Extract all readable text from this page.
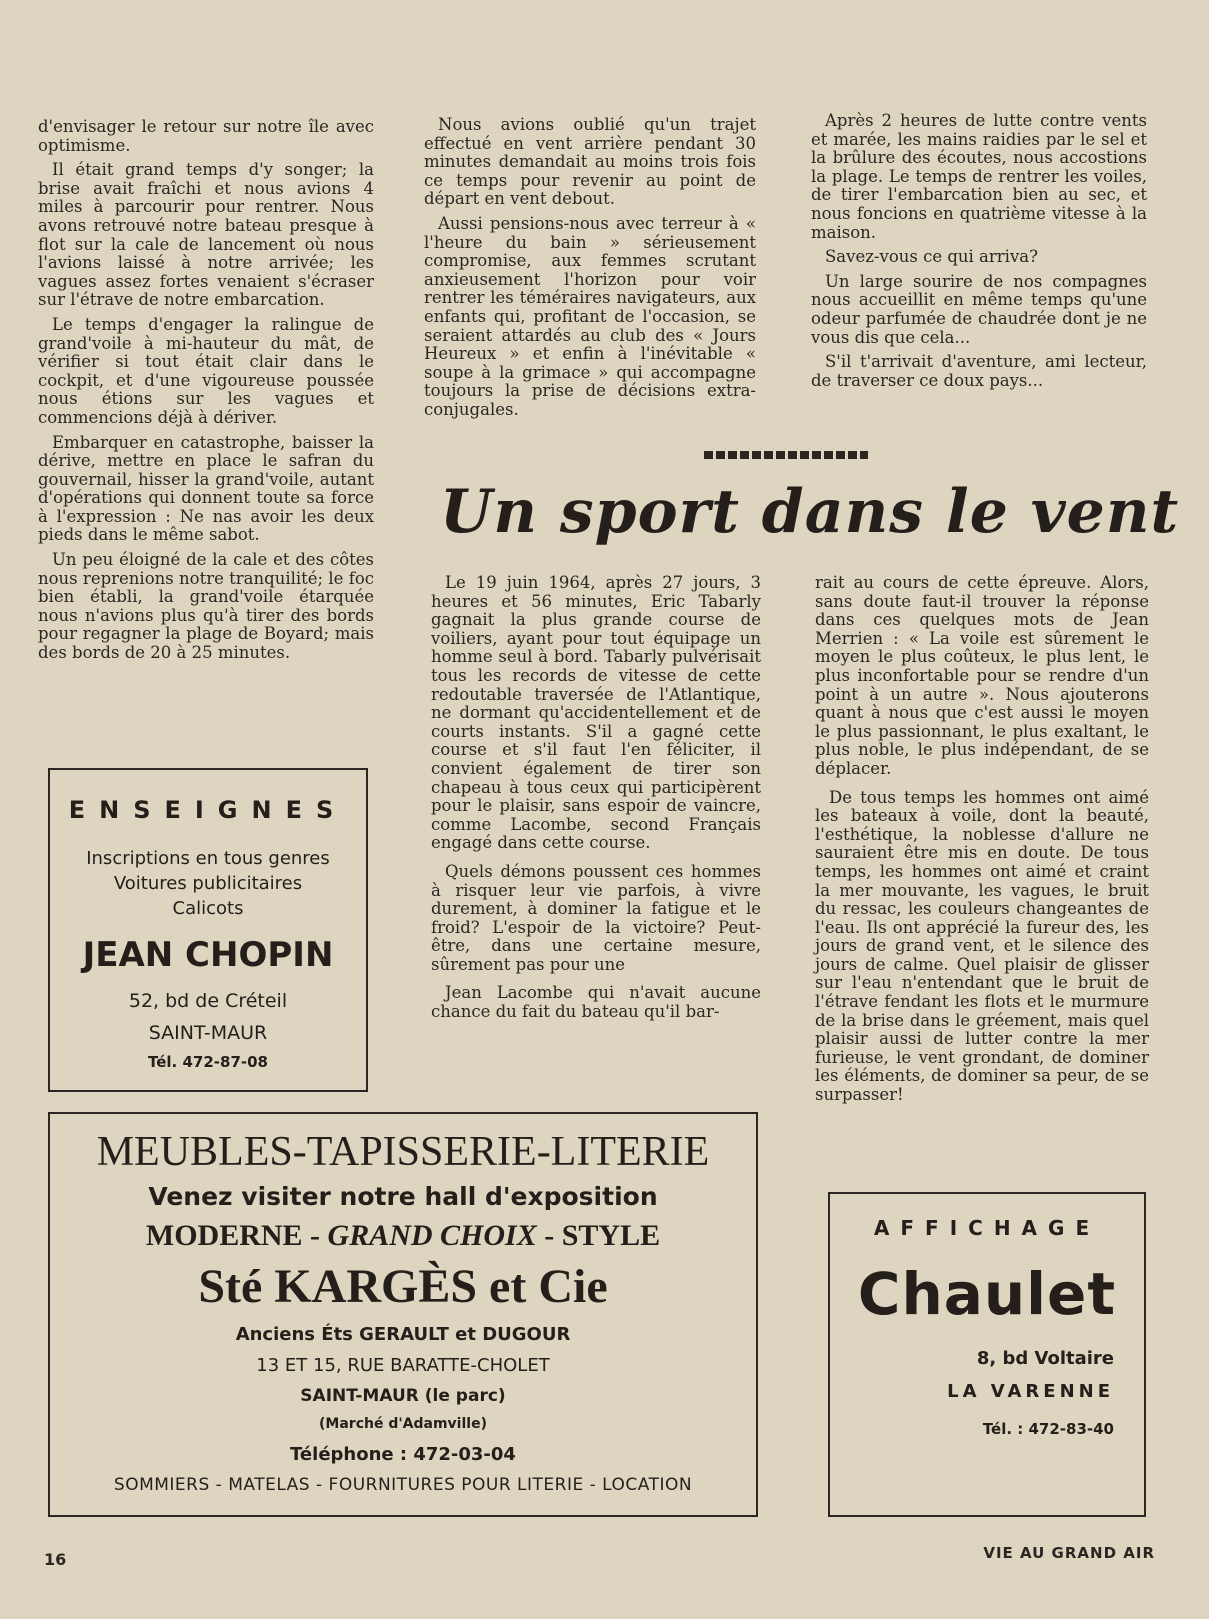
d'envisager le retour sur notre île avec optimisme.

Il était grand temps d'y songer; la brise avait fraîchi et nous avions 4 miles à parcourir pour rentrer. Nous avons retrouvé notre bateau presque à flot sur la cale de lancement où nous l'avions laissé à notre arrivée; les vagues assez fortes venaient s'écraser sur l'étrave de notre embarcation.

Le temps d'engager la ralingue de grand'voile à mi-hauteur du mât, de vérifier si tout était clair dans le cockpit, et d'une vigoureuse poussée nous étions sur les vagues et commencions déjà à dériver.

Embarquer en catastrophe, baisser la dérive, mettre en place le safran du gouvernail, hisser la grand'voile, autant d'opérations qui donnent toute sa force à l'expression : Ne nas avoir les deux pieds dans le même sabot.

Un peu éloigné de la cale et des côtes nous reprenions notre tranquilité; le foc bien établi, la grand'voile étarquée nous n'avions plus qu'à tirer des bords pour regagner la plage de Boyard; mais des bords de 20 à 25 minutes.

Nous avions oublié qu'un trajet effectué en vent arrière pendant 30 minutes demandait au moins trois fois ce temps pour revenir au point de départ en vent debout.

Aussi pensions-nous avec terreur à « l'heure du bain » sérieusement compromise, aux femmes scrutant anxieusement l'horizon pour voir rentrer les téméraires navigateurs, aux enfants qui, profitant de l'occasion, se seraient attardés au club des « Jours Heureux » et enfin à l'inévitable « soupe à la grimace » qui accompagne toujours la prise de décisions extra-conjugales.

Après 2 heures de lutte contre vents et marée, les mains raidies par le sel et la brûlure des écoutes, nous accostions la plage. Le temps de rentrer les voiles, de tirer l'embarcation bien au sec, et nous foncions en quatrième vitesse à la maison.

Savez-vous ce qui arriva?

Un large sourire de nos compagnes nous accueillit en même temps qu'une odeur parfumée de chaudrée dont je ne vous dis que cela...

S'il t'arrivait d'aventure, ami lecteur, de traverser ce doux pays...

Un sport dans le vent

Le 19 juin 1964, après 27 jours, 3 heures et 56 minutes, Eric Tabarly gagnait la plus grande course de voiliers, ayant pour tout équipage un homme seul à bord. Tabarly pulvérisait tous les records de vitesse de cette redoutable traversée de l'Atlantique, ne dormant qu'accidentellement et de courts instants. S'il a gagné cette course et s'il faut l'en féliciter, il convient également de tirer son chapeau à tous ceux qui participèrent pour le plaisir, sans espoir de vaincre, comme Lacombe, second Français engagé dans cette course.

Quels démons poussent ces hommes à risquer leur vie parfois, à vivre durement, à dominer la fatigue et le froid? L'espoir de la victoire? Peut-être, dans une certaine mesure, sûrement pas pour une

Jean Lacombe qui n'avait aucune chance du fait du bateau qu'il bar-

rait au cours de cette épreuve. Alors, sans doute faut-il trouver la réponse dans ces quelques mots de Jean Merrien : « La voile est sûrement le moyen le plus coûteux, le plus lent, le plus inconfortable pour se rendre d'un point à un autre ». Nous ajouterons quant à nous que c'est aussi le moyen le plus passionnant, le plus exaltant, le plus noble, le plus indépendant, de se déplacer.

De tous temps les hommes ont aimé les bateaux à voile, dont la beauté, l'esthétique, la noblesse d'allure ne sauraient être mis en doute. De tous temps, les hommes ont aimé et craint la mer mouvante, les vagues, le bruit du ressac, les couleurs changeantes de l'eau. Ils ont apprécié la fureur des, les jours de grand vent, et le silence des jours de calme. Quel plaisir de glisser sur l'eau n'entendant que le bruit de l'étrave fendant les flots et le murmure de la brise dans le gréement, mais quel plaisir aussi de lutter contre la mer furieuse, le vent grondant, de dominer les éléments, de dominer sa peur, de se surpasser!

ENSEIGNES
Inscriptions en tous genres
Voitures publicitaires
Calicots
JEAN CHOPIN
52, bd de Créteil
SAINT-MAUR
Tél. 472-87-08
MEUBLES-TAPISSERIE-LITERIE
Venez visiter notre hall d'exposition
MODERNE - GRAND CHOIX - STYLE
Sté KARGÈS et Cie
Anciens Éts GERAULT et DUGOUR
13 ET 15, RUE BARATTE-CHOLET
SAINT-MAUR (le parc)
(Marché d'Adamville)
Téléphone : 472-03-04
SOMMIERS - MATELAS - FOURNITURES POUR LITERIE - LOCATION
AFFICHAGE
Chaulet
8, bd Voltaire
LA VARENNE
Tél. : 472-83-40
16	VIE AU GRAND AIR
